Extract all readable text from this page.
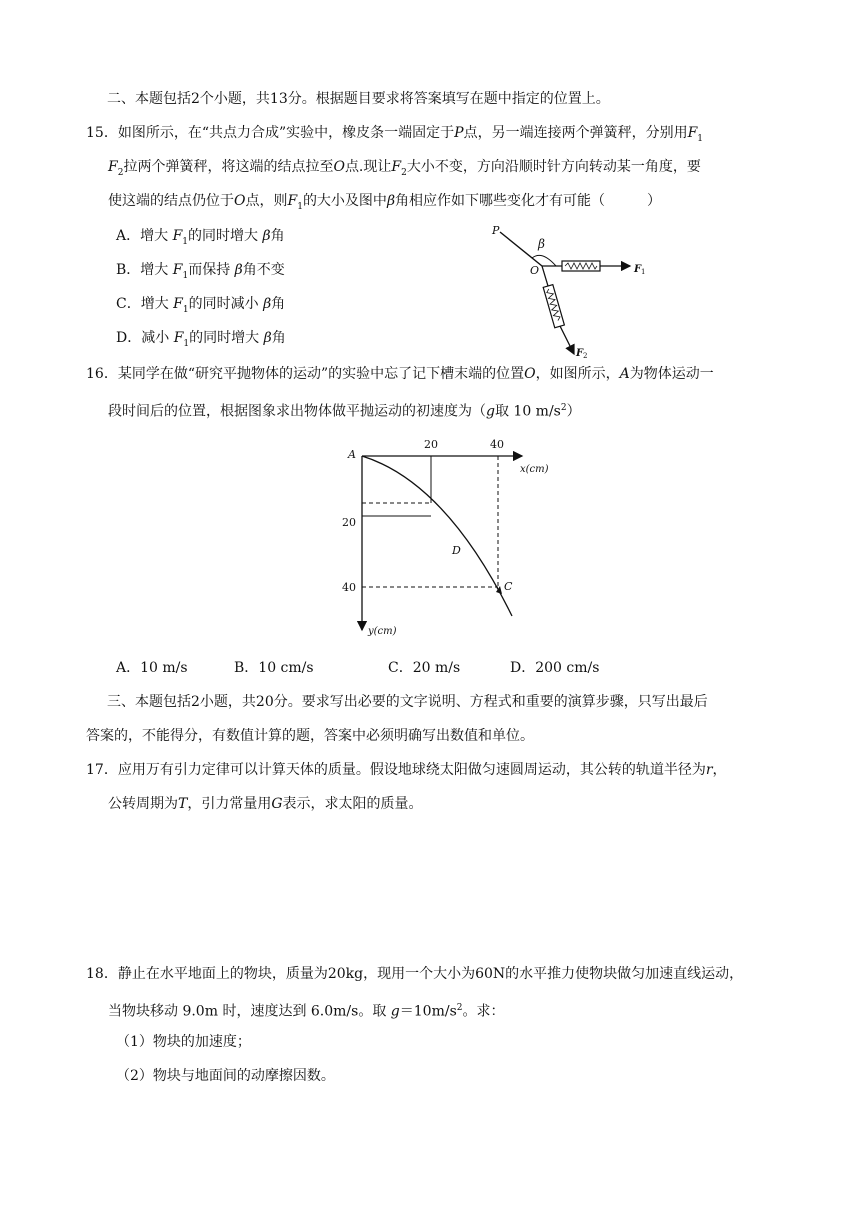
二、本题包括2个小题，共13分。根据题目要求将答案填写在题中指定的位置上。
15．如图所示，在“共点力合成”实验中，橡皮条一端固定于P点，另一端连接两个弹簧秤，分别用$F_1$
$F_2$拉两个弹簧秤，将这端的结点拉至O点.现让$F_2$大小不变，方向沿顺时针方向转动某一角度，要
使这端的结点仍位于O点，则$F_1$的大小及图中β角相应作如下哪些变化才有可能（　　　）
A．增大 $F_1$的同时增大 β角
B．增大 $F_1$而保持 β角不变
C．增大 $F_1$的同时减小 β角
D．减小 $F_1$的同时增大 β角
P
β
O	F 1
F 2
16．某同学在做“研究平抛物体的运动”的实验中忘了记下槽末端的位置O，如图所示，A为物体运动一
段时间后的位置，根据图象求出物体做平抛运动的初速度为（g取 10 $m/s^2$）
A
20	40
x(cm)
20
40
D
C
y(cm)
A．10 m/s	B．10 cm/s	C．20 m/s	D．200 cm/s
三、本题包括2小题，共20分。要求写出必要的文字说明、方程式和重要的演算步骤，只写出最后
答案的，不能得分，有数值计算的题，答案中必须明确写出数值和单位。
17．应用万有引力定律可以计算天体的质量。假设地球绕太阳做匀速圆周运动，其公转的轨道半径为r，
公转周期为T，引力常量用G表示，求太阳的质量。
18．静止在水平地面上的物块，质量为20kg，现用一个大小为60N的水平推力使物块做匀加速直线运动，
当物块移动 9.0m 时，速度达到 6.0m/s。取 $g=10m/s^2$。求：
（1）物块的加速度；
（2）物块与地面间的动摩擦因数。
